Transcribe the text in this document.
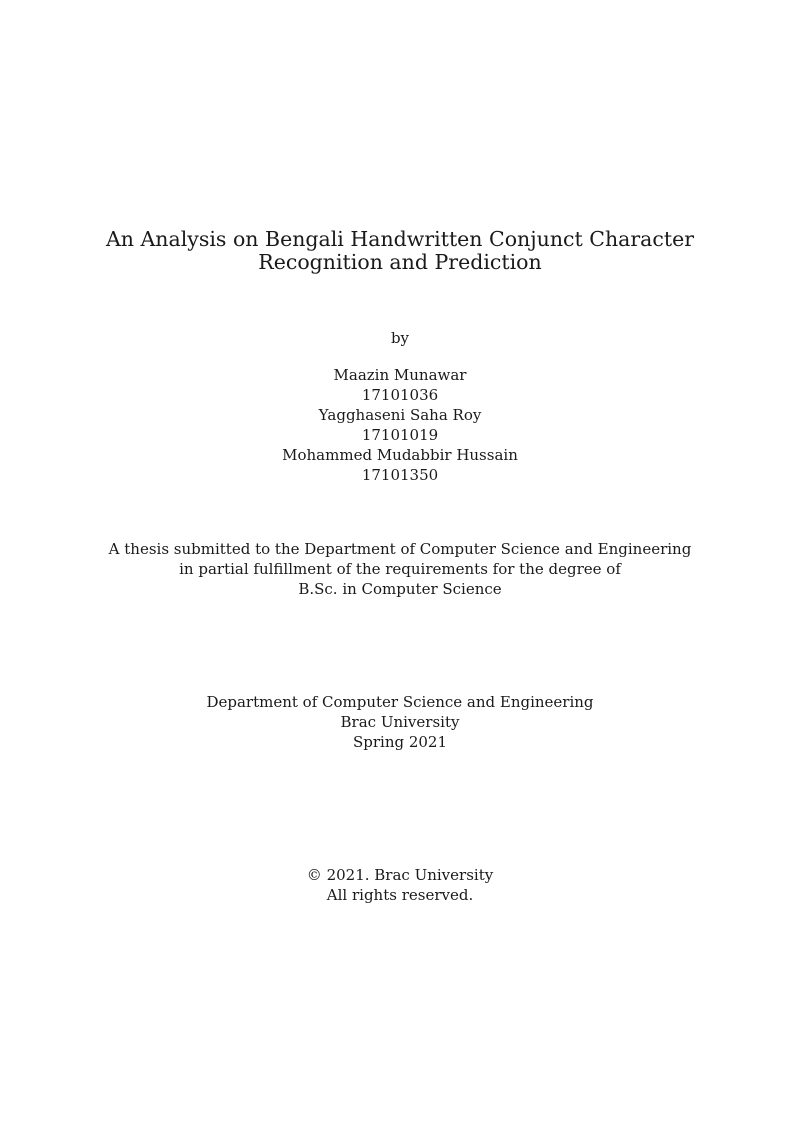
An Analysis on Bengali Handwritten Conjunct Character
Recognition and Prediction
by
Maazin Munawar
17101036
Yagghaseni Saha Roy
17101019
Mohammed Mudabbir Hussain
17101350
A thesis submitted to the Department of Computer Science and Engineering
in partial fulfillment of the requirements for the degree of
B.Sc. in Computer Science
Department of Computer Science and Engineering
Brac University
Spring 2021
© 2021. Brac University
All rights reserved.
